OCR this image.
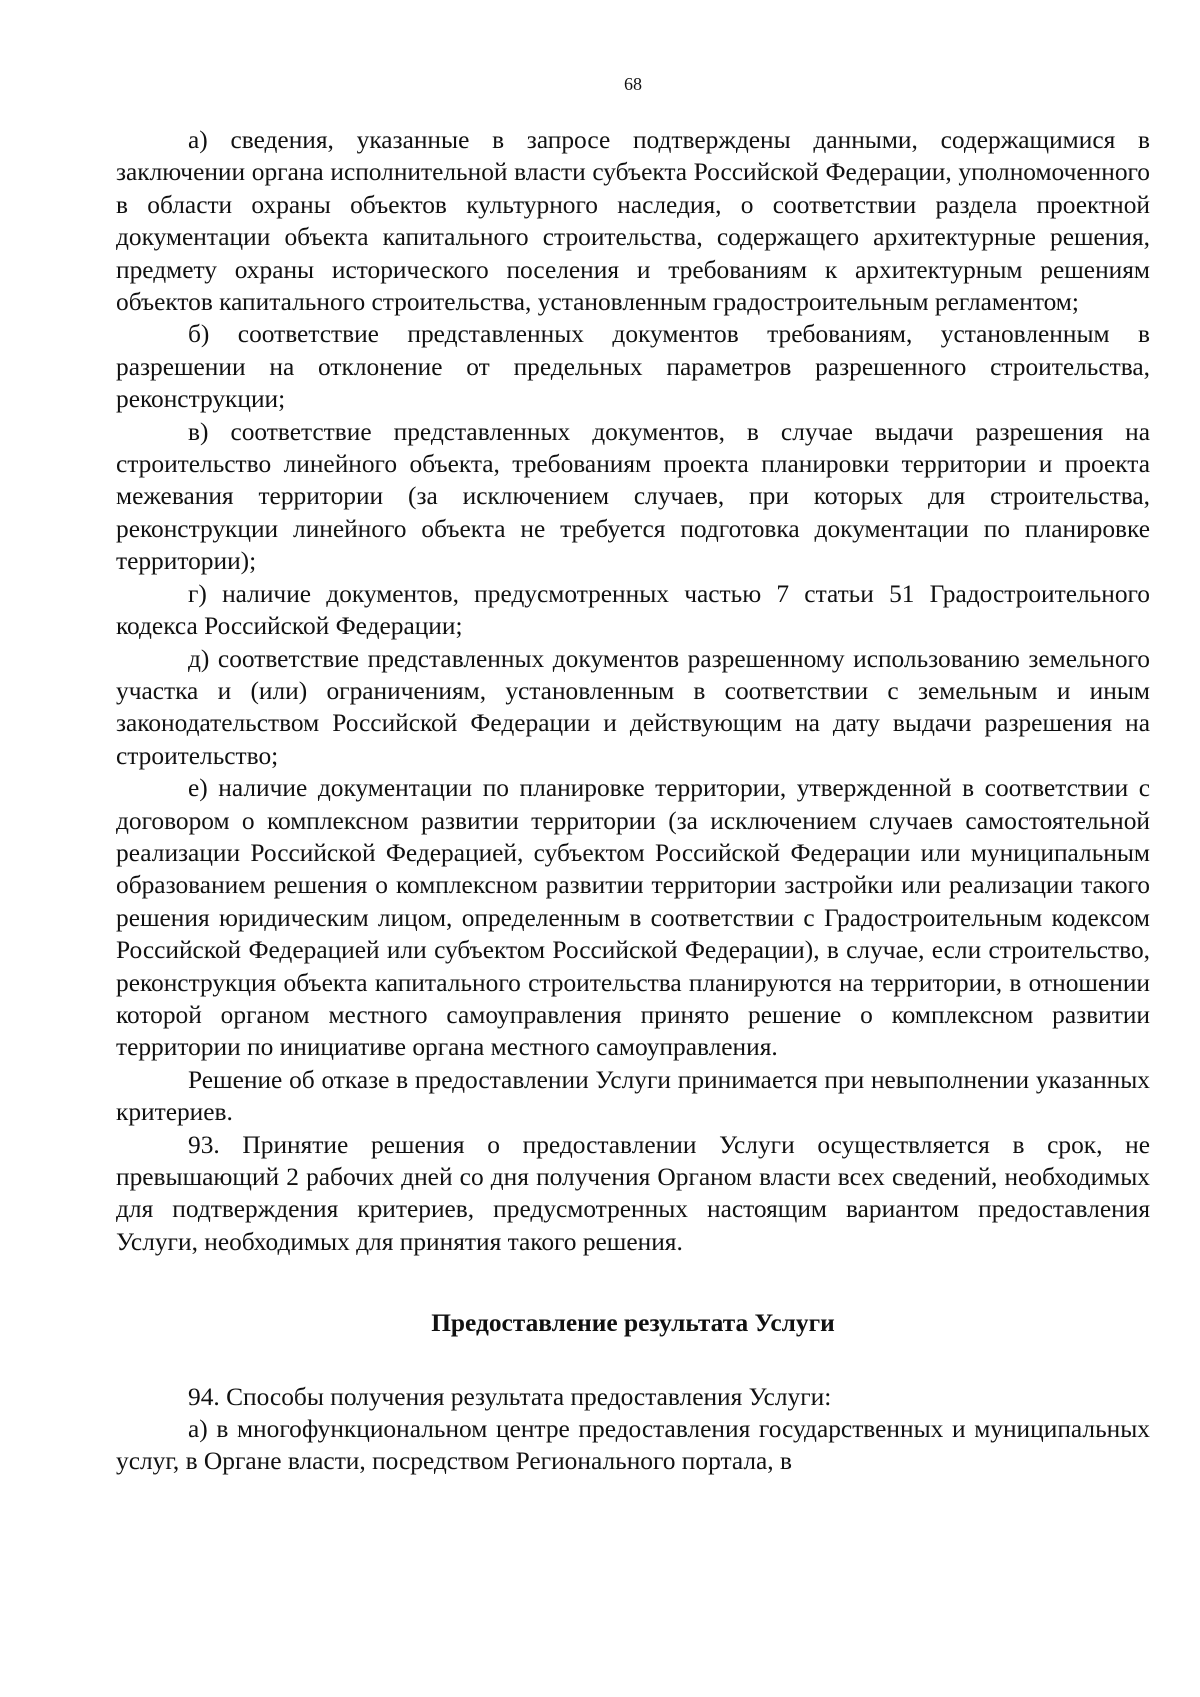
68

а) сведения, указанные в запросе подтверждены данными, содержащимися в заключении органа исполнительной власти субъекта Российской Федерации, уполномоченного в области охраны объектов культурного наследия, о соответствии раздела проектной документации объекта капитального строительства, содержащего архитектурные решения, предмету охраны исторического поселения и требованиям к архитектурным решениям объектов капитального строительства, установленным градостроительным регламентом;

б) соответствие представленных документов требованиям, установленным в разрешении на отклонение от предельных параметров разрешенного строительства, реконструкции;

в) соответствие представленных документов, в случае выдачи разрешения на строительство линейного объекта, требованиям проекта планировки территории и проекта межевания территории (за исключением случаев, при которых для строительства, реконструкции линейного объекта не требуется подготовка документации по планировке территории);

г) наличие документов, предусмотренных частью 7 статьи 51 Градостроительного кодекса Российской Федерации;

д) соответствие представленных документов разрешенному использованию земельного участка и (или) ограничениям, установленным в соответствии с земельным и иным законодательством Российской Федерации и действующим на дату выдачи разрешения на строительство;

е) наличие документации по планировке территории, утвержденной в соответствии с договором о комплексном развитии территории (за исключением случаев самостоятельной реализации Российской Федерацией, субъектом Российской Федерации или муниципальным образованием решения о комплексном развитии территории застройки или реализации такого решения юридическим лицом, определенным в соответствии с Градостроительным кодексом Российской Федерацией или субъектом Российской Федерации), в случае, если строительство, реконструкция объекта капитального строительства планируются на территории, в отношении которой органом местного самоуправления принято решение о комплексном развитии территории по инициативе органа местного самоуправления.

Решение об отказе в предоставлении Услуги принимается при невыполнении указанных критериев.

93. Принятие решения о предоставлении Услуги осуществляется в срок, не превышающий 2 рабочих дней со дня получения Органом власти всех сведений, необходимых для подтверждения критериев, предусмотренных настоящим вариантом предоставления Услуги, необходимых для принятия такого решения.

Предоставление результата Услуги

94. Способы получения результата предоставления Услуги:

а) в многофункциональном центре предоставления государственных и муниципальных услуг, в Органе власти, посредством Регионального портала, в
